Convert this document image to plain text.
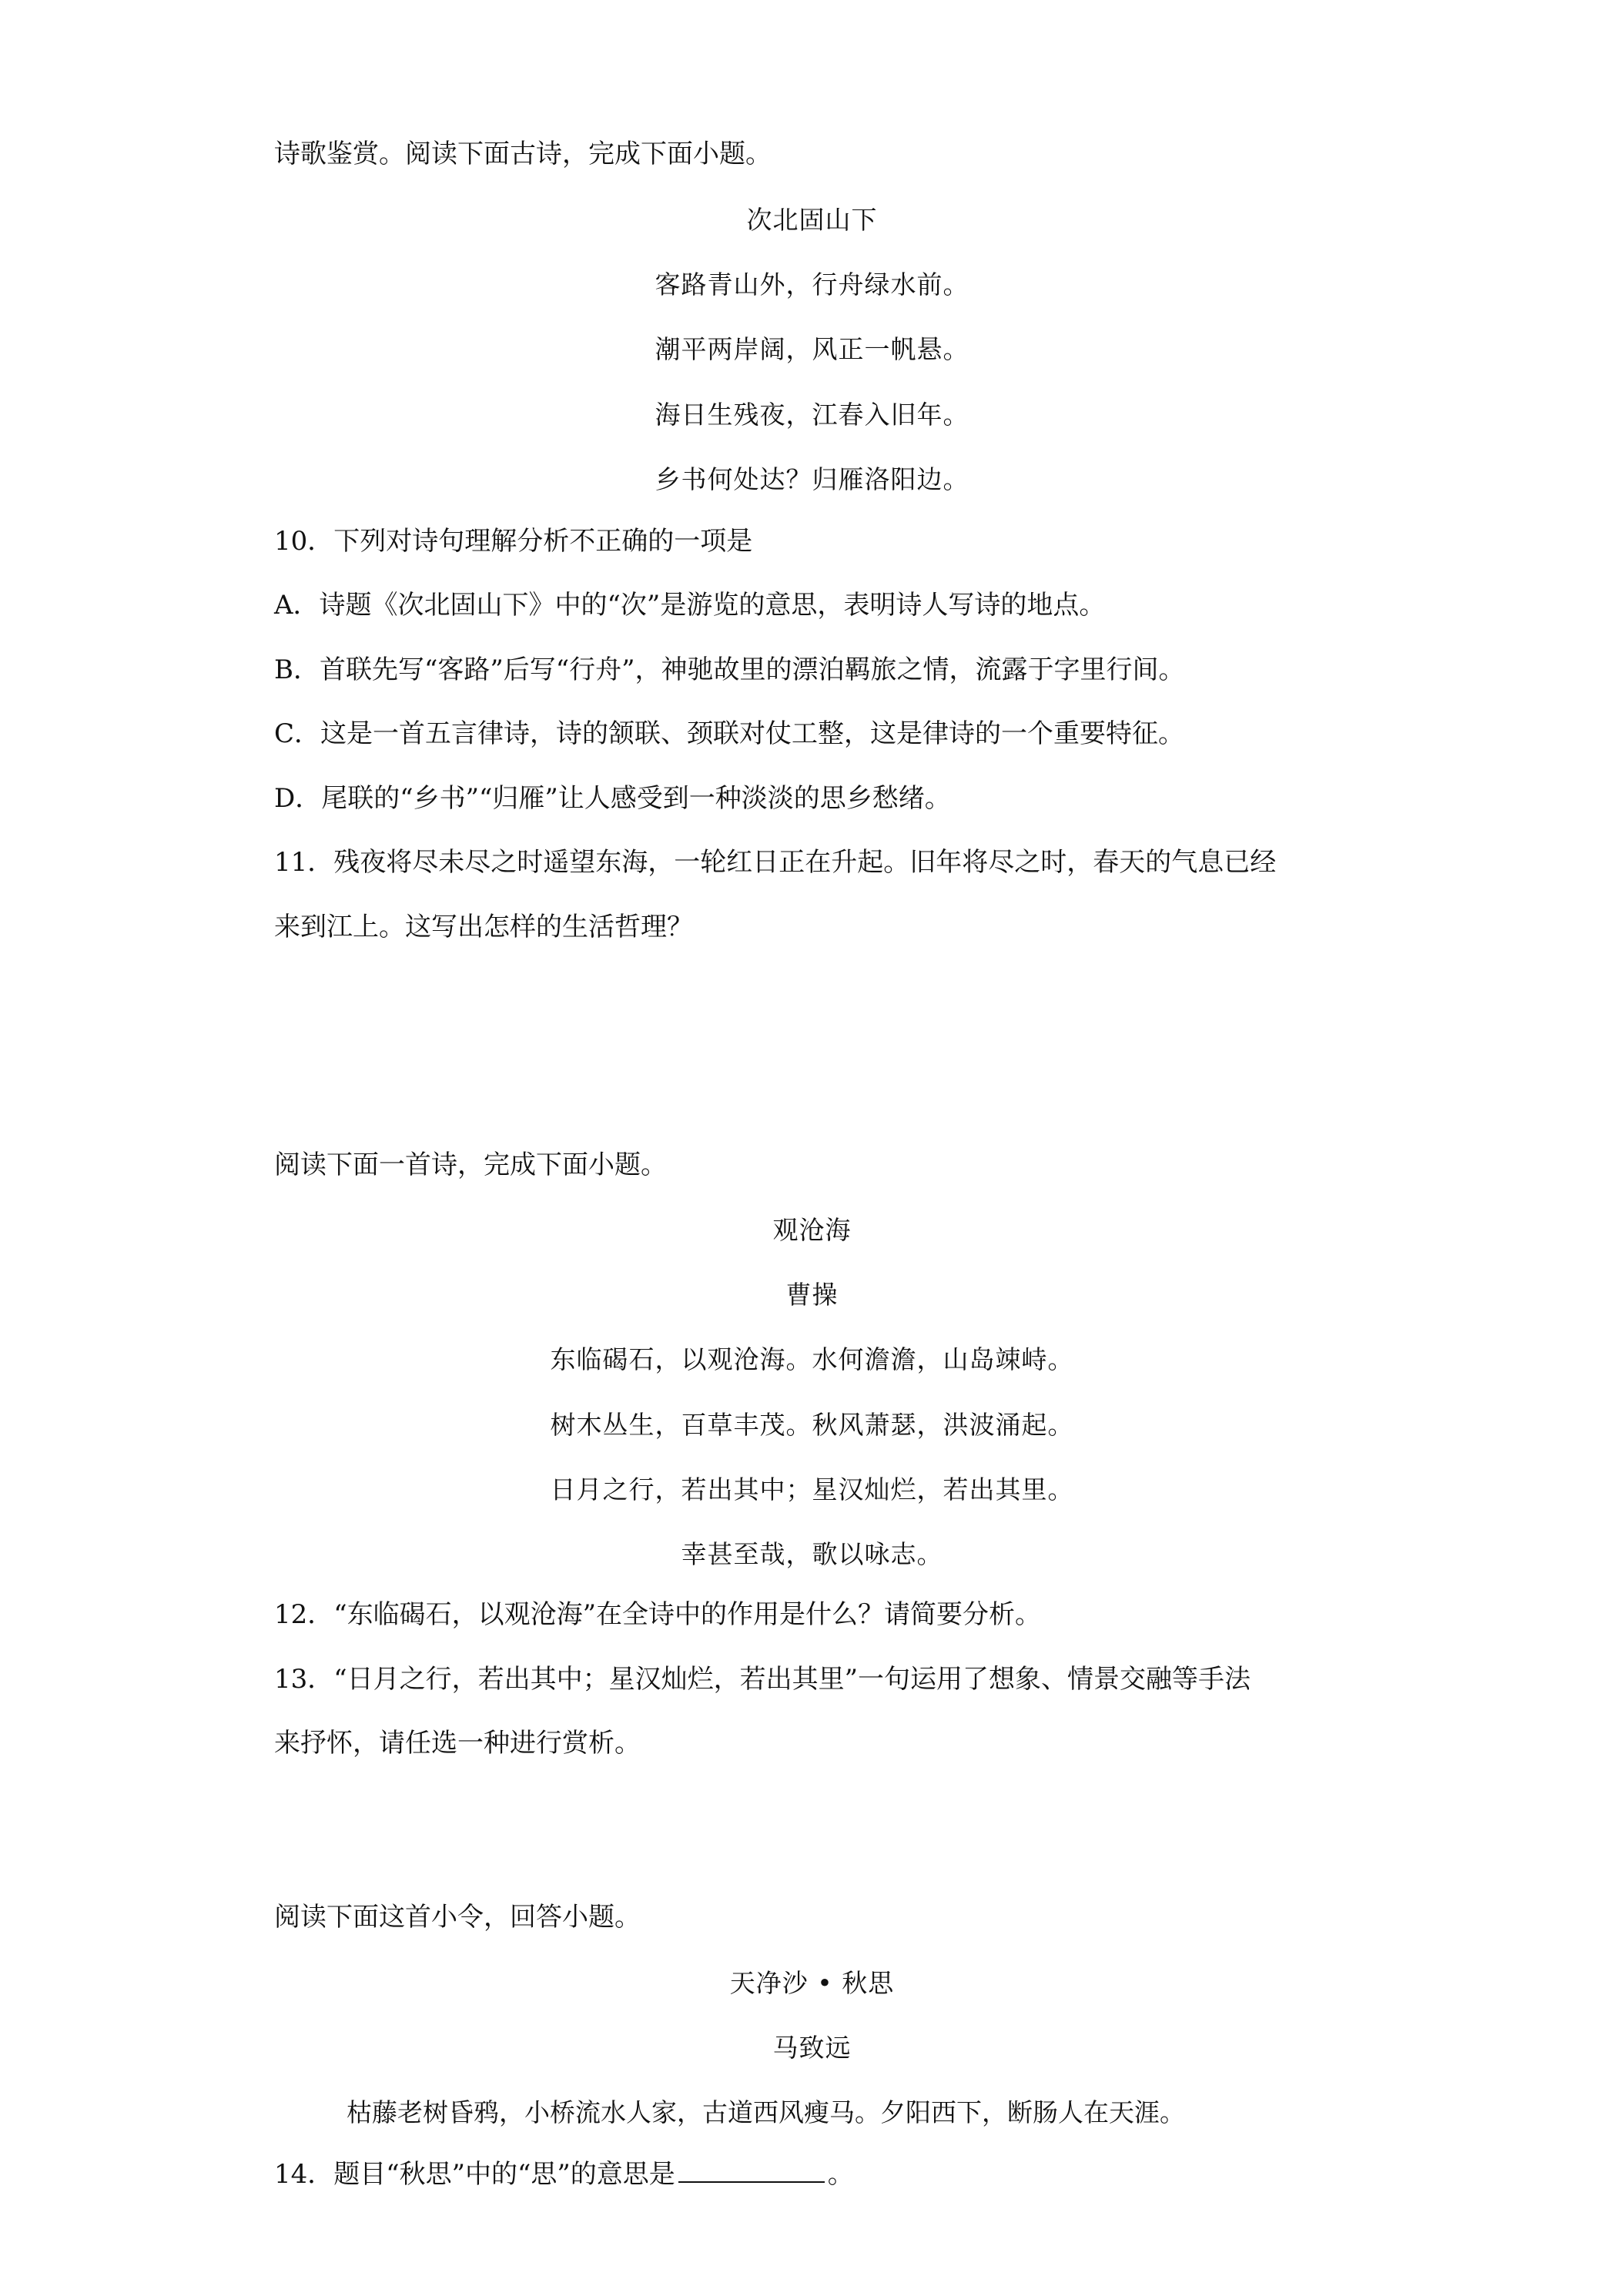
诗歌鉴赏。阅读下面古诗，完成下面小题。
次北固山下
客路青山外，行舟绿水前。
潮平两岸阔，风正一帆悬。
海日生残夜，江春入旧年。
乡书何处达？归雁洛阳边。
10．下列对诗句理解分析不正确的一项是
A．诗题《次北固山下》中的“次”是游览的意思，表明诗人写诗的地点。
B．首联先写“客路”后写“行舟”，神驰故里的漂泊羁旅之情，流露于字里行间。
C．这是一首五言律诗，诗的颔联、颈联对仗工整，这是律诗的一个重要特征。
D．尾联的“乡书”“归雁”让人感受到一种淡淡的思乡愁绪。
11．残夜将尽未尽之时遥望东海，一轮红日正在升起。旧年将尽之时，春天的气息已经
来到江上。这写出怎样的生活哲理？
阅读下面一首诗，完成下面小题。
观沧海
曹操
东临碣石，以观沧海。水何澹澹，山岛竦峙。
树木丛生，百草丰茂。秋风萧瑟，洪波涌起。
日月之行，若出其中；星汉灿烂，若出其里。
幸甚至哉，歌以咏志。
12．“东临碣石，以观沧海”在全诗中的作用是什么？请简要分析。
13．“日月之行，若出其中；星汉灿烂，若出其里”一句运用了想象、情景交融等手法
来抒怀，请任选一种进行赏析。
阅读下面这首小令，回答小题。
天净沙 • 秋思
马致远
枯藤老树昏鸦，小桥流水人家，古道西风瘦马。夕阳西下，断肠人在天涯。
14．题目“秋思”中的“思”的意思是	。
